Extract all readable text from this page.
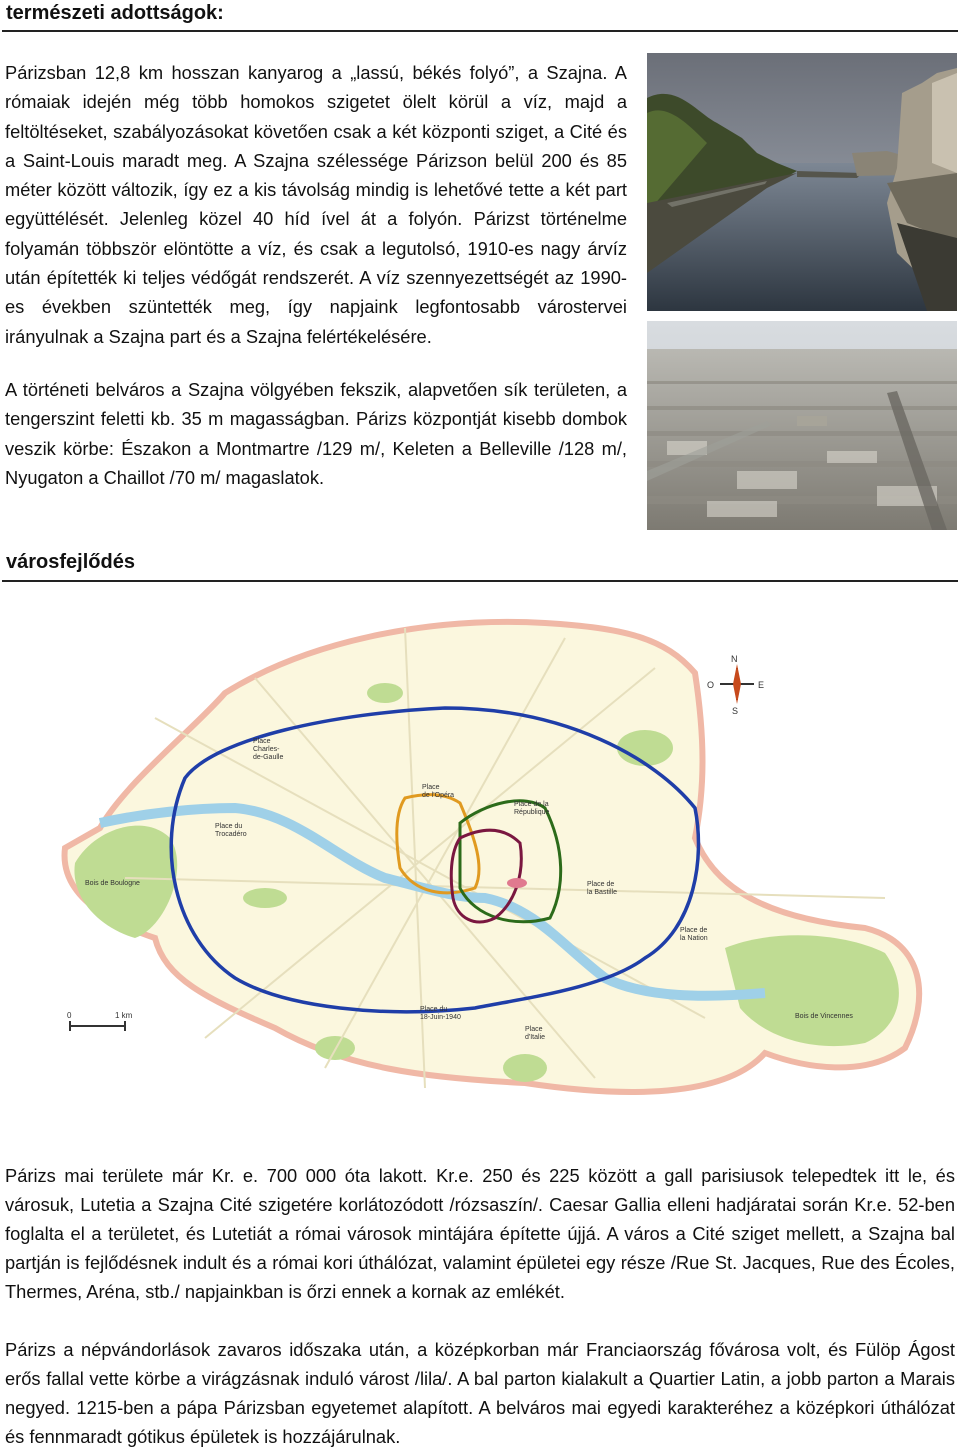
természeti adottságok:

Párizsban 12,8 km hosszan kanyarog a „lassú, békés folyó”, a Szajna. A rómaiak idején még több homokos szigetet ölelt körül a víz, majd a feltöltéseket, szabályozásokat követően csak a két központi sziget, a Cité és a Saint-Louis maradt meg. A Szajna szélessége Párizson belül 200 és 85 méter között változik, így ez a kis távolság mindig is lehetővé tette a két part együttélését. Jelenleg közel 40 híd ível át a folyón. Párizst történelme folyamán többször elöntötte a víz, és csak a legutolsó, 1910-es nagy árvíz után építették ki teljes védőgát rendszerét. A víz szennyezettségét az 1990-es években szüntették meg, így napjaink legfontosabb várostervei irányulnak a Szajna part és a Szajna felértékelésére.

A történeti belváros a Szajna völgyében fekszik, alapvetően sík területen, a tengerszint feletti kb. 35 m magasságban. Párizs központját kisebb dombok veszik körbe: Északon a Montmartre /129 m/, Keleten a Belleville /128 m/, Nyugaton a Chaillot /70 m/ magaslatok.

városfejlődés
N
O	E
S
0	1 km
Place
Charles-
de-Gaulle
Place
de l'Opéra
Place de la
République
Place du
Trocadéro
Bois de Boulogne	Place de
la Bastille
Place de
la Nation
Place du
18-Juin-1940
Place
d'Italie
Bois de Vincennes

Párizs mai területe már Kr. e. 700 000 óta lakott. Kr.e. 250 és 225 között a gall parisiusok telepedtek itt le, és városuk, Lutetia a Szajna Cité szigetére korlátozódott /rózsaszín/. Caesar Gallia elleni hadjáratai során Kr.e. 52-ben foglalta el a területet, és Lutetiát a római városok mintájára építette újjá. A város a Cité sziget mellett, a Szajna bal partján is fejlődésnek indult és a római kori úthálózat, valamint épületei egy része /Rue St. Jacques, Rue des Écoles, Thermes, Aréna, stb./ napjainkban is őrzi ennek a kornak az emlékét.

Párizs a népvándorlások zavaros időszaka után, a középkorban már Franciaország fővárosa volt, és Fülöp Ágost erős fallal vette körbe a virágzásnak induló várost /lila/. A bal parton kialakult a Quartier Latin, a jobb parton a Marais negyed. 1215-ben a pápa Párizsban egyetemet alapított. A belváros mai egyedi karakteréhez a középkori úthálózat és fennmaradt gótikus épületek is hozzájárulnak.
